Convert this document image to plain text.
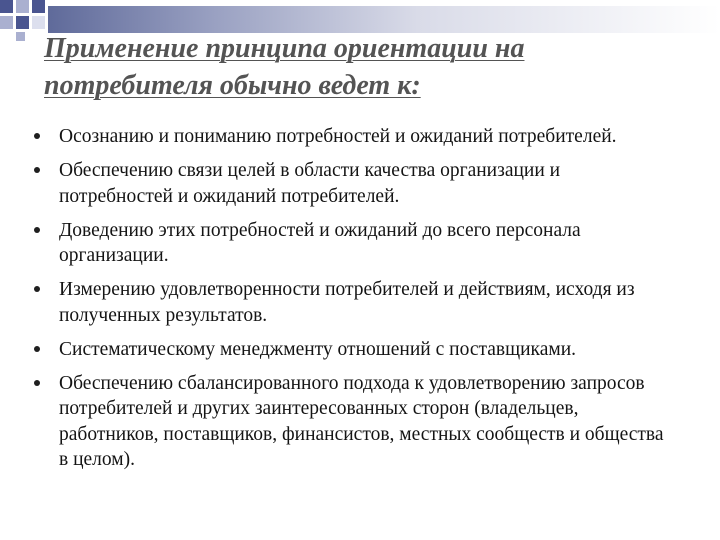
Применение принципа ориентации на потребителя обычно ведет к:
Осознанию и пониманию потребностей и ожиданий потребителей.
Обеспечению связи целей в области качества организации и потребностей и ожиданий потребителей.
Доведению этих потребностей и ожиданий до всего персонала организации.
Измерению удовлетворенности потребителей и действиям, исходя из полученных результатов.
Систематическому менеджменту отношений с поставщиками.
Обеспечению сбалансированного подхода к удовлетворению запросов потребителей и других заинтересованных сторон (владельцев, работников, поставщиков, финансистов, местных сообществ и общества в целом).
